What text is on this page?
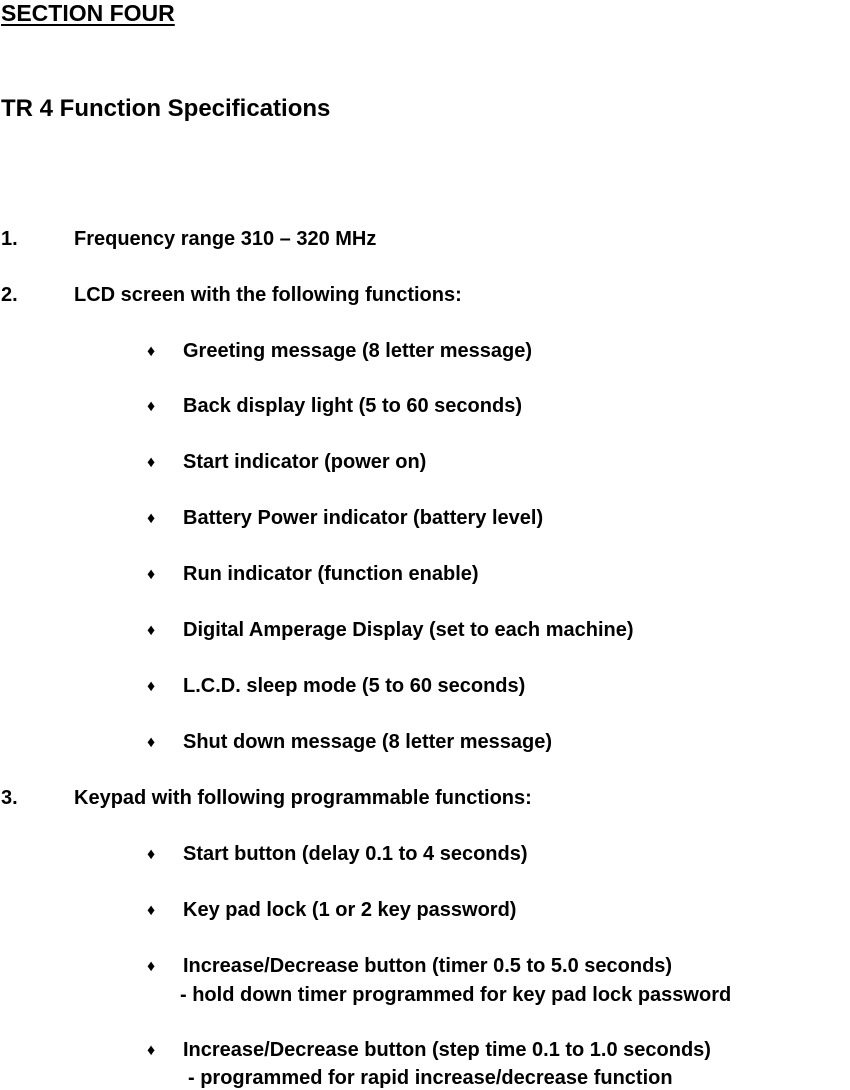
SECTION FOUR
TR 4 Function Specifications
1.	Frequency range 310 – 320 MHz
2.	LCD screen with the following functions:
♦ Greeting message (8 letter message)
♦ Back display light (5 to 60 seconds)
♦ Start indicator (power on)
♦ Battery Power indicator (battery level)
♦ Run indicator (function enable)
♦ Digital Amperage Display (set to each machine)
♦ L.C.D. sleep mode (5 to 60 seconds)
♦ Shut down message (8 letter message)
3.	Keypad with following programmable functions:
♦ Start button (delay 0.1 to 4 seconds)
♦ Key pad lock (1 or 2 key password)
♦ Increase/Decrease button (timer 0.5 to 5.0 seconds)
- hold down timer programmed for key pad lock password
♦ Increase/Decrease button (step time 0.1 to 1.0 seconds)
- programmed for rapid increase/decrease function
